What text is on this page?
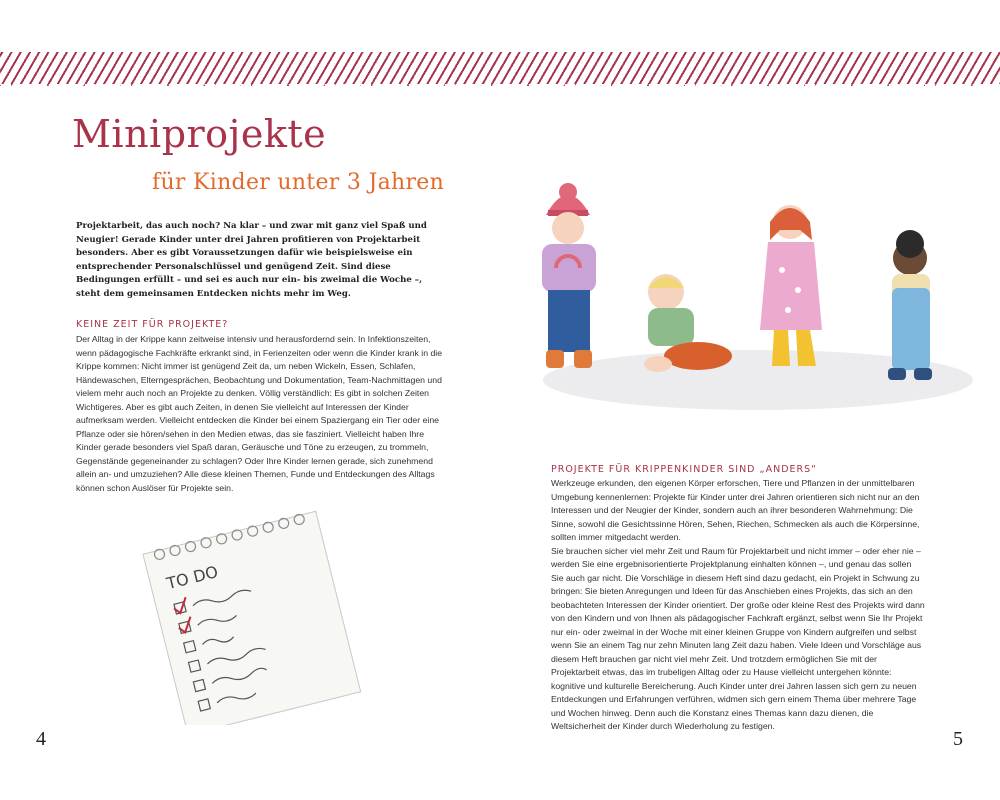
Miniprojekte
für Kinder unter 3 Jahren

Projektarbeit, das auch noch? Na klar – und zwar mit ganz viel Spaß und Neugier! Gerade Kinder unter drei Jahren profitieren von Projektarbeit besonders. Aber es gibt Voraussetzungen dafür wie beispielsweise ein entsprechender Personalschlüssel und genügend Zeit. Sind diese Bedingungen erfüllt – und sei es auch nur ein- bis zweimal die Woche –, steht dem gemeinsamen Entdecken nichts mehr im Weg.

KEINE ZEIT FÜR PROJEKTE?

Der Alltag in der Krippe kann zeitweise intensiv und herausfordernd sein. In Infektionszeiten, wenn pädagogische Fachkräfte erkrankt sind, in Ferienzeiten oder wenn die Kinder krank in die Krippe kommen: Nicht immer ist genügend Zeit da, um neben Wickeln, Essen, Schlafen, Händewaschen, Elterngesprächen, Beobachtung und Dokumentation, Team-Nachmittagen und vielem mehr auch noch an Projekte zu denken. Völlig verständlich: Es gibt in solchen Zeiten Wichtigeres. Aber es gibt auch Zeiten, in denen Sie vielleicht auf Interessen der Kinder aufmerksam werden. Vielleicht entdecken die Kinder bei einem Spaziergang ein Tier oder eine Pflanze oder sie hören/sehen in den Medien etwas, das sie fasziniert. Vielleicht haben Ihre Kinder gerade besonders viel Spaß daran, Geräusche und Töne zu erzeugen, zu trommeln, Gegenstände gegeneinander zu schlagen? Oder Ihre Kinder lernen gerade, sich zunehmend allein an- und umzuziehen? Alle diese kleinen Themen, Funde und Entdeckungen des Alltags können schon Auslöser für Projekte sein.

PROJEKTE FÜR KRIPPENKINDER SIND „ANDERS“

Werkzeuge erkunden, den eigenen Körper erforschen, Tiere und Pflanzen in der unmittelbaren Umgebung kennenlernen: Projekte für Kinder unter drei Jahren orientieren sich nicht nur an den Interessen und der Neugier der Kinder, sondern auch an ihrer besonderen Wahrnehmung: Die Sinne, sowohl die Gesichtssinne Hören, Sehen, Riechen, Schmecken als auch die Körpersinne, sollten immer mitgedacht werden.

Sie brauchen sicher viel mehr Zeit und Raum für Projektarbeit und nicht immer – oder eher nie – werden Sie eine ergebnisorientierte Projektplanung einhalten können –, und genau das sollen Sie auch gar nicht. Die Vorschläge in diesem Heft sind dazu gedacht, ein Projekt in Schwung zu bringen: Sie bieten Anregungen und Ideen für das Anschieben eines Projekts, das sich an den beobachteten Interessen der Kinder orientiert. Der große oder kleine Rest des Projekts wird dann von den Kindern und von Ihnen als pädagogischer Fachkraft ergänzt, selbst wenn Sie Ihr Projekt nur ein- oder zweimal in der Woche mit einer kleinen Gruppe von Kindern aufgreifen und selbst wenn Sie an einem Tag nur zehn Minuten lang Zeit dazu haben. Viele Ideen und Vorschläge aus diesem Heft brauchen gar nicht viel mehr Zeit. Und trotzdem ermöglichen Sie mit der Projektarbeit etwas, das im trubeligen Alltag oder zu Hause vielleicht untergehen könnte: kognitive und kulturelle Bereicherung. Auch Kinder unter drei Jahren lassen sich gern zu neuen Entdeckungen und Erfahrungen verführen, widmen sich gern einem Thema über mehrere Tage und Wochen hinweg. Denn auch die Konstanz eines Themas kann dazu dienen, die Weltsicherheit der Kinder durch Wiederholung zu festigen.

TO DO

4	5
